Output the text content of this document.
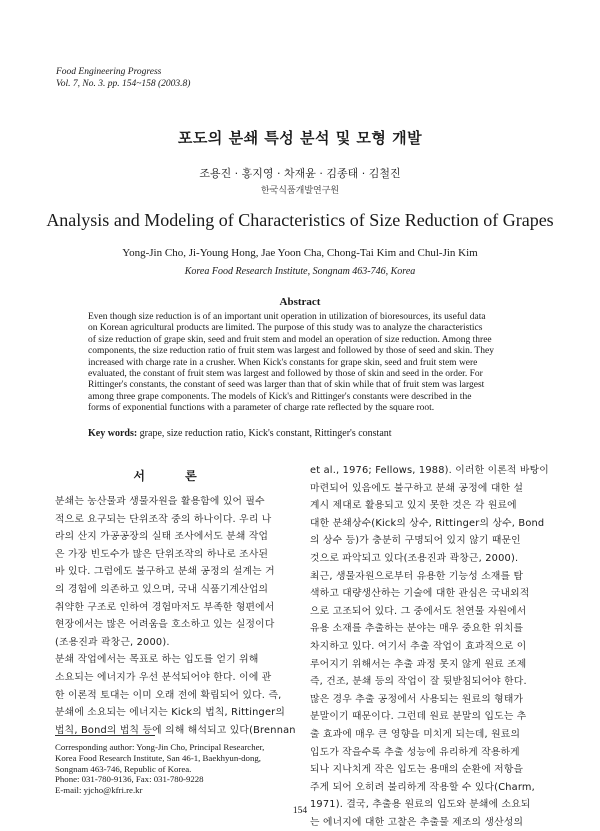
Food Engineering Progress
Vol. 7, No. 3. pp. 154~158 (2003.8)
포도의 분쇄 특성 분석 및 모형 개발
조용진 · 홍지영 · 차재윤 · 김종태 · 김철진
한국식품개발연구원
Analysis and Modeling of Characteristics of Size Reduction of Grapes
Yong-Jin Cho, Ji-Young Hong, Jae Yoon Cha, Chong-Tai Kim and Chul-Jin Kim
Korea Food Research Institute, Songnam 463-746, Korea
Abstract
Even though size reduction is of an important unit operation in utilization of bioresources, its useful data
on Korean agricultural products are limited. The purpose of this study was to analyze the characteristics
of size reduction of grape skin, seed and fruit stem and model an operation of size reduction. Among three
components, the size reduction ratio of fruit stem was largest and followed by those of seed and skin. They
increased with charge rate in a crusher. When Kick's constants for grape skin, seed and fruit stem were
evaluated, the constant of fruit stem was largest and followed by those of skin and seed in the order. For
Rittinger's constants, the constant of seed was larger than that of skin while that of fruit stem was largest
among three grape components. The models of Kick's and Rittinger's constants were described in the
forms of exponential functions with a parameter of charge rate reflected by the square root.
Key words: grape, size reduction ratio, Kick's constant, Rittinger's constant
서 론
분쇄는 농산물과 생물자원을 활용함에 있어 필수
적으로 요구되는 단위조작 중의 하나이다. 우리 나
라의 산지 가공공장의 실태 조사에서도 분쇄 작업
은 가장 빈도수가 많은 단위조작의 하나로 조사된
바 있다. 그럼에도 불구하고 분쇄 공정의 설계는 거
의 경험에 의존하고 있으며, 국내 식품기계산업의
취약한 구조로 인하여 경험마저도 부족한 형편에서
현장에서는 많은 어려움을 호소하고 있는 실정이다
(조용진과 곽창근, 2000).
분쇄 작업에서는 목표로 하는 입도를 얻기 위해
소요되는 에너지가 우선 분석되어야 한다. 이에 관
한 이론적 토대는 이미 오래 전에 확립되어 있다. 즉,
분쇄에 소요되는 에너지는 Kick의 법칙, Rittinger의
법칙, Bond의 법칙 등에 의해 해석되고 있다(Brennan
et al., 1976; Fellows, 1988). 이러한 이론적 바탕이
마련되어 있음에도 불구하고 분쇄 공정에 대한 설
계시 제대로 활용되고 있지 못한 것은 각 원료에
대한 분쇄상수(Kick의 상수, Rittinger의 상수, Bond
의 상수 등)가 충분히 구명되어 있지 않기 때문인
것으로 파악되고 있다(조용진과 곽창근, 2000).
최근, 생물자원으로부터 유용한 기능성 소재를 탐
색하고 대량생산하는 기술에 대한 관심은 국내외적
으로 고조되어 있다. 그 중에서도 천연물 자원에서
유용 소재를 추출하는 분야는 매우 중요한 위치를
차지하고 있다. 여기서 추출 작업이 효과적으로 이
루어지기 위해서는 추출 과정 못지 않게 원료 조제
즉, 건조, 분쇄 등의 작업이 잘 뒷받침되어야 한다.
많은 경우 추출 공정에서 사용되는 원료의 형태가
분말이기 때문이다. 그런데 원료 분말의 입도는 추
출 효과에 매우 큰 영향을 미치게 되는데, 원료의
입도가 작을수록 추출 성능에 유리하게 작용하게
되나 지나치게 작은 입도는 용매의 순환에 저항을
주게 되어 오히려 불리하게 작용할 수 있다(Charm,
1971). 결국, 추출용 원료의 입도와 분쇄에 소요되
는 에너지에 대한 고찰은 추출물 제조의 생산성의
Corresponding author: Yong-Jin Cho, Principal Researcher,
Korea Food Research Institute, San 46-1, Baekhyun-dong,
Songnam 463-746, Republic of Korea.
Phone: 031-780-9136, Fax: 031-780-9228
E-mail: yjcho@kfri.re.kr
154
